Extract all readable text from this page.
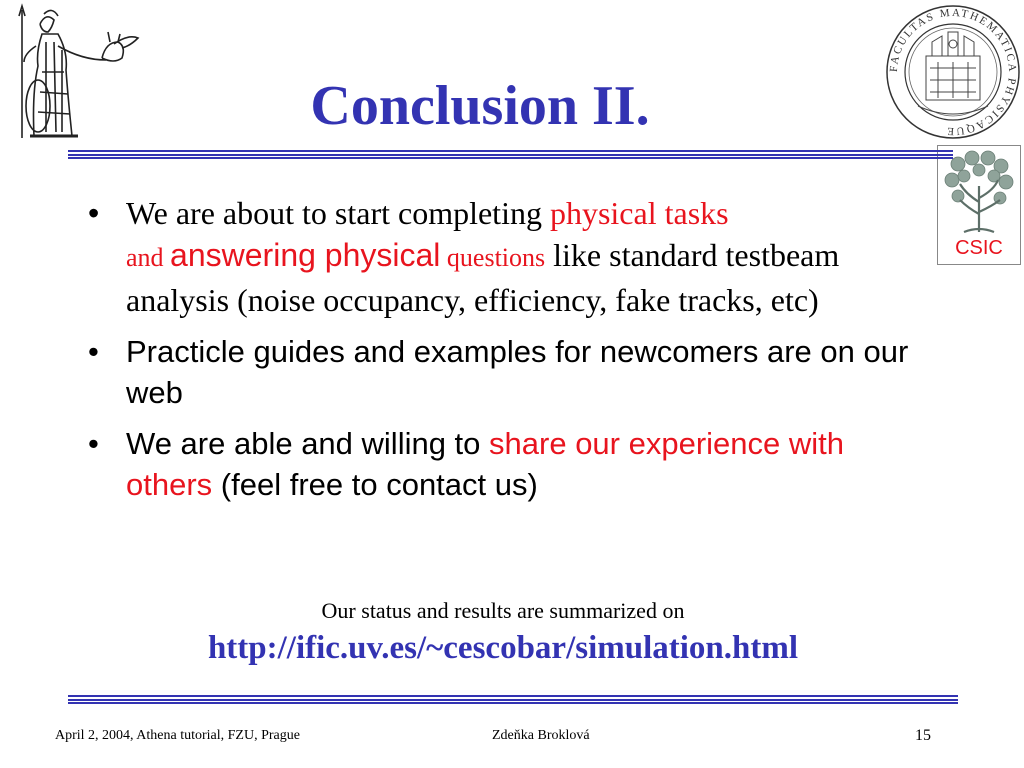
FACULTAS MATHEMATICA PHYSICAQUE
CSIC
Conclusion II.
• We are about to start completing physical tasks
and answering physical questions like standard testbeam analysis (noise occupancy, efficiency, fake tracks, etc)
• Practicle guides and examples for newcomers are on our web
• We are able and willing to share our experience with others (feel free to contact us)
Our status and results are summarized on
http://ific.uv.es/~cescobar/simulation.html
April 2, 2004, Athena tutorial, FZU, Prague	Zdeňka Broklová	15
